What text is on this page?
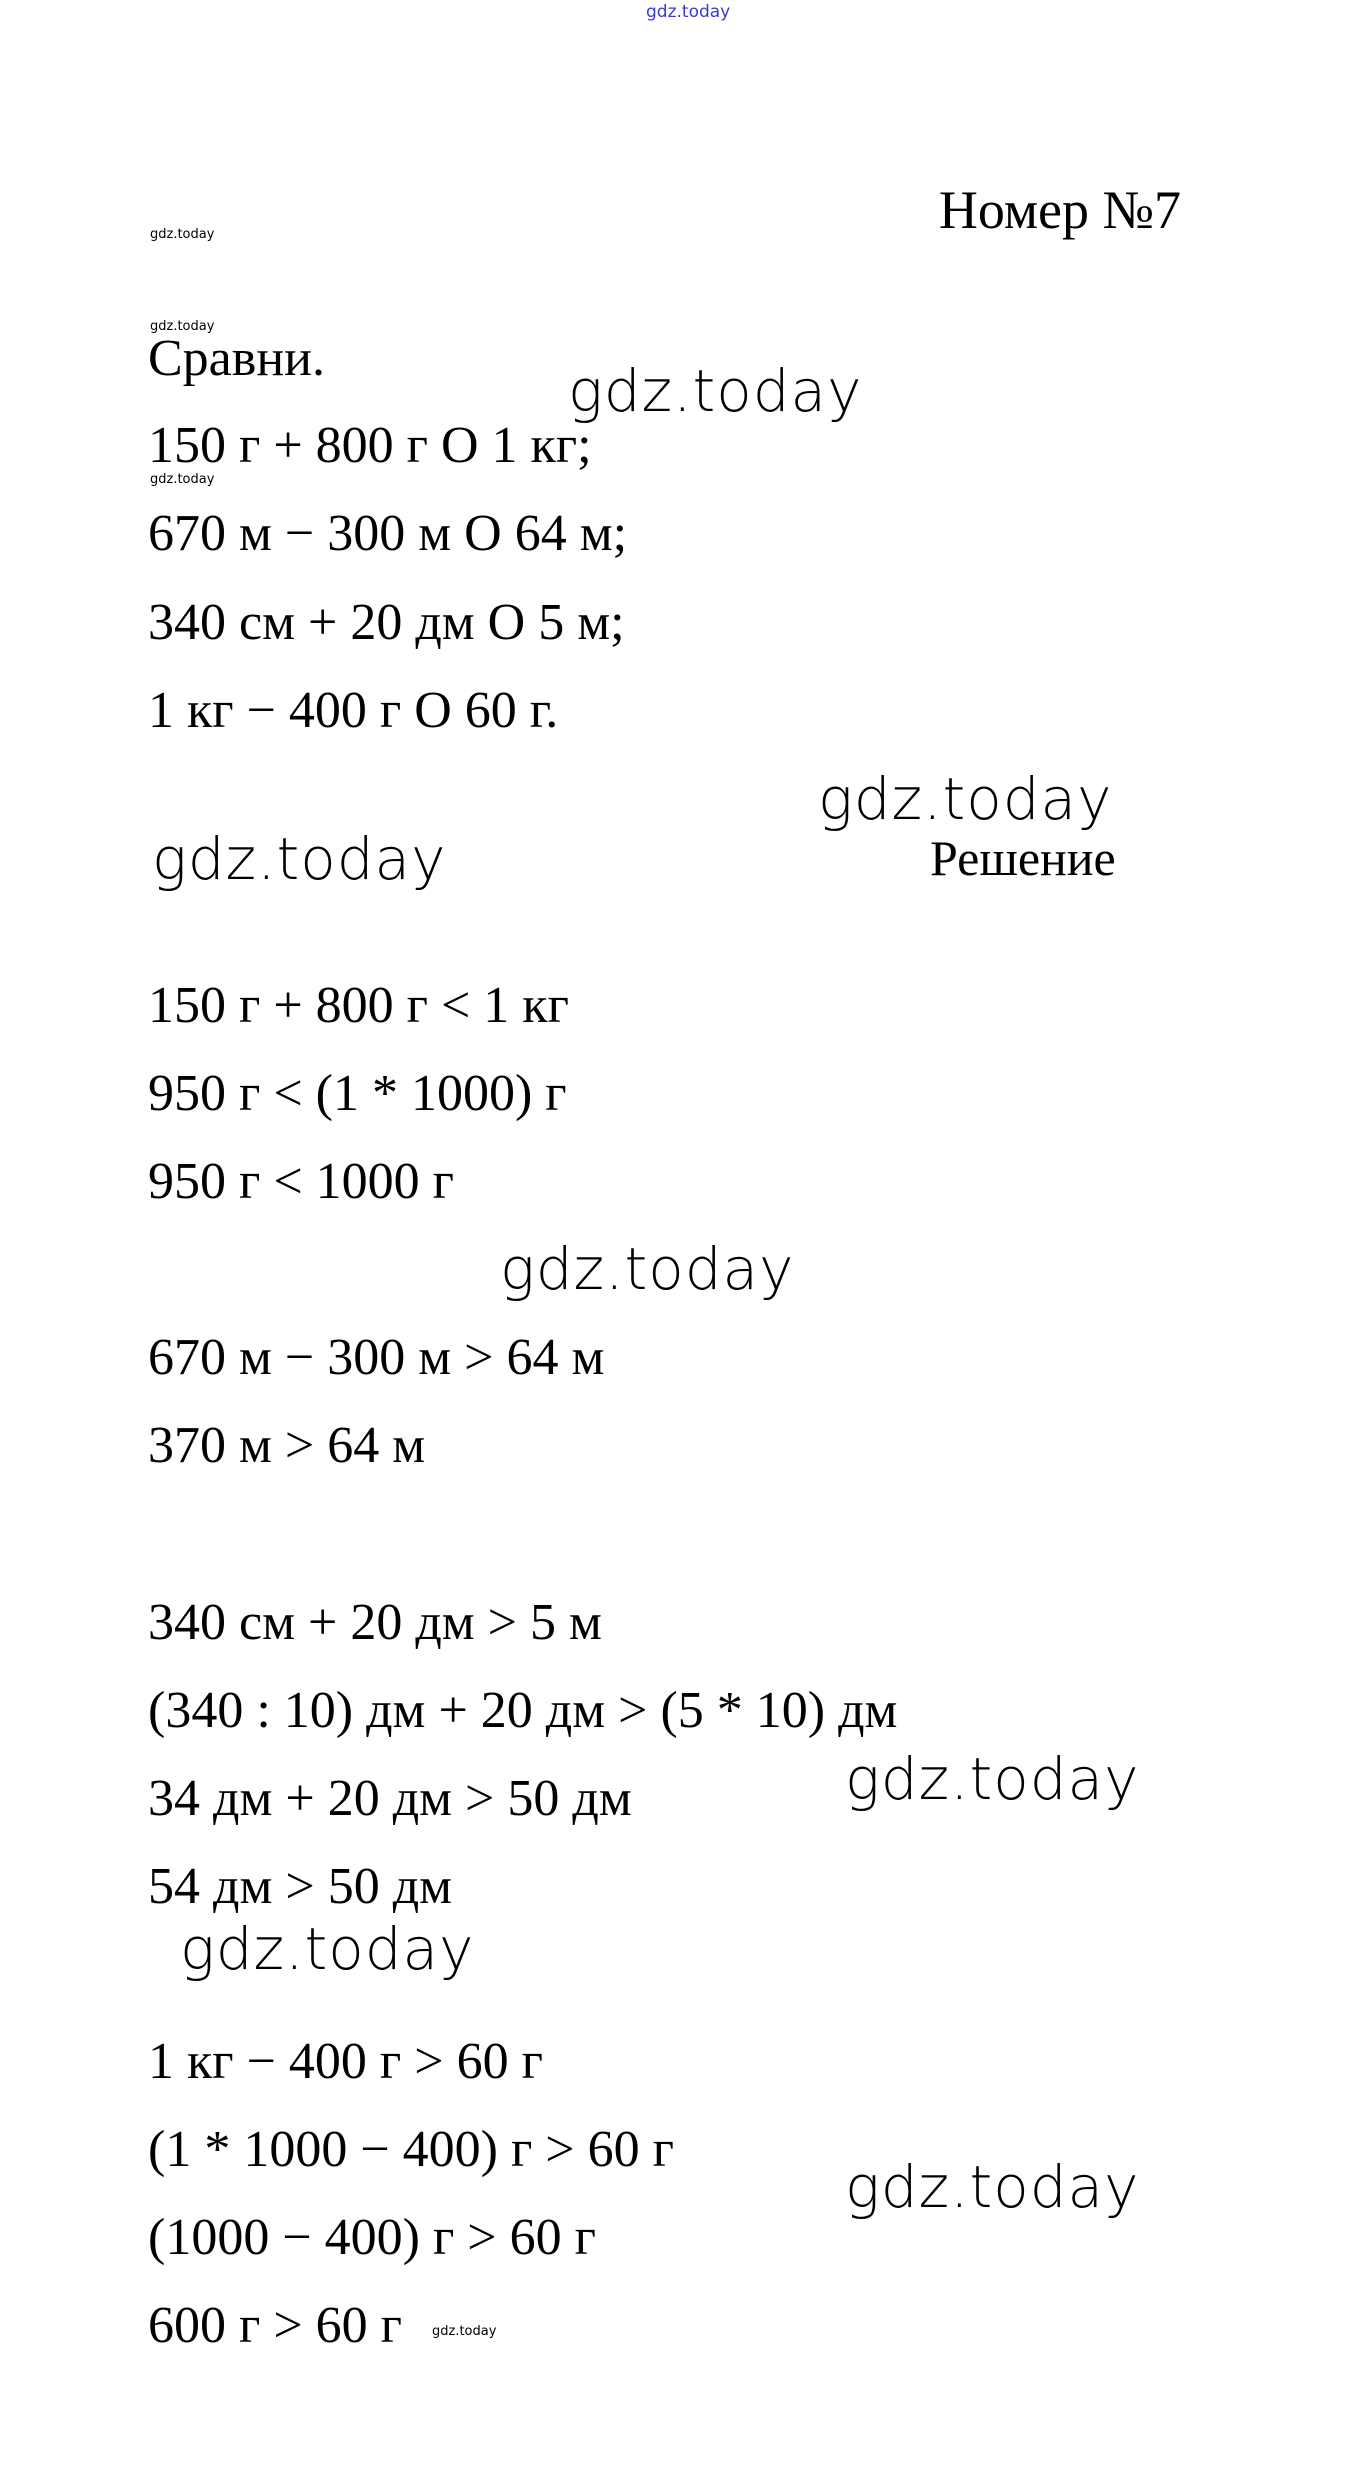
gdz.today
gdz.today
gdz.today
gdz.today
gdz.today
gdz.today
gdz.today
gdz.today
gdz.today
gdz.today
gdz.today
gdz.today
Номер №7
Сравни.
150 г + 800 г О 1 кг;
670 м − 300 м О 64 м;
340 см + 20 дм О 5 м;
1 кг − 400 г О 60 г.
Решение
150 г + 800 г < 1 кг
950 г < (1 * 1000) г
950 г < 1000 г
670 м − 300 м > 64 м
370 м > 64 м
340 см + 20 дм > 5 м
(340 : 10) дм + 20 дм > (5 * 10) дм
34 дм + 20 дм > 50 дм
54 дм > 50 дм
1 кг − 400 г > 60 г
(1 * 1000 − 400) г > 60 г
(1000 − 400) г > 60 г
600 г > 60 г
